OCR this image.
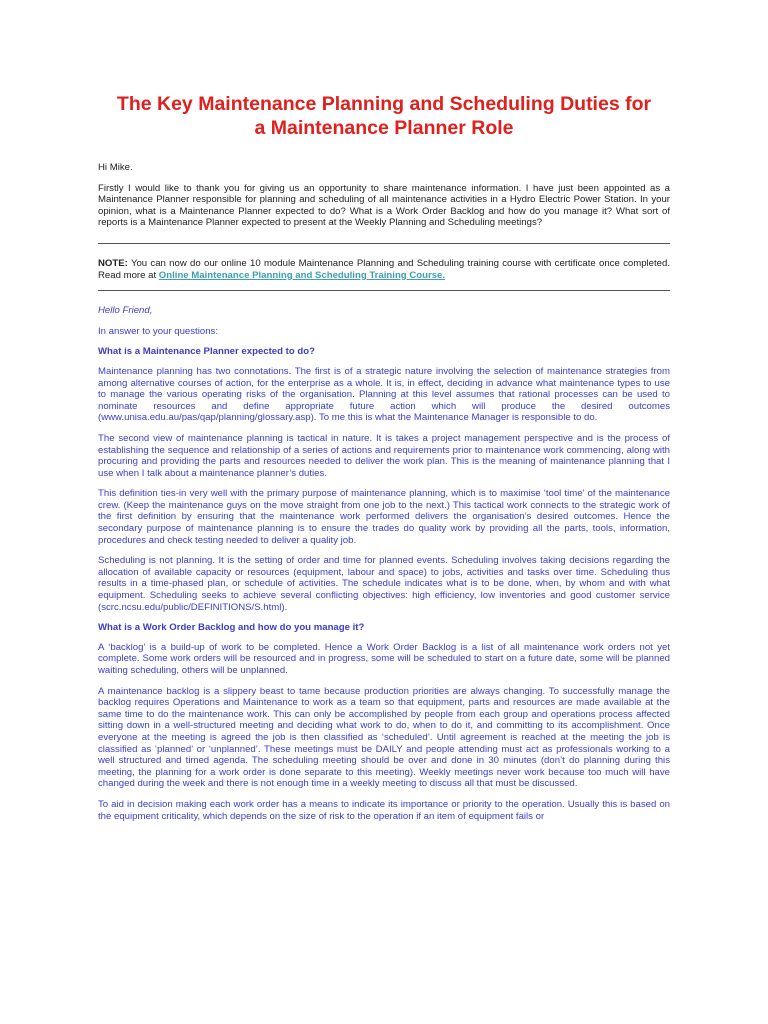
The Key Maintenance Planning and Scheduling Duties for
a Maintenance Planner Role

Hi Mike.

Firstly I would like to thank you for giving us an opportunity to share maintenance information. I have just been appointed as a Maintenance Planner responsible for planning and scheduling of all maintenance activities in a Hydro Electric Power Station. In your opinion, what is a Maintenance Planner expected to do? What is a Work Order Backlog and how do you manage it? What sort of reports is a Maintenance Planner expected to present at the Weekly Planning and Scheduling meetings?

NOTE: You can now do our online 10 module Maintenance Planning and Scheduling training course with certificate once completed. Read more at Online Maintenance Planning and Scheduling Training Course.

Hello Friend,

In answer to your questions:

What is a Maintenance Planner expected to do?

Maintenance planning has two connotations. The first is of a strategic nature involving the selection of maintenance strategies from among alternative courses of action, for the enterprise as a whole. It is, in effect, deciding in advance what maintenance types to use to manage the various operating risks of the organisation. Planning at this level assumes that rational processes can be used to nominate resources and define appropriate future action which will produce the desired outcomes (www.unisa.edu.au/pas/qap/planning/glossary.asp). To me this is what the Maintenance Manager is responsible to do.

The second view of maintenance planning is tactical in nature. It is takes a project management perspective and is the process of establishing the sequence and relationship of a series of actions and requirements prior to maintenance work commencing, along with procuring and providing the parts and resources needed to deliver the work plan. This is the meaning of maintenance planning that I use when I talk about a maintenance planner’s duties.

This definition ties-in very well with the primary purpose of maintenance planning, which is to maximise ‘tool time’ of the maintenance crew. (Keep the maintenance guys on the move straight from one job to the next.) This tactical work connects to the strategic work of the first definition by ensuring that the maintenance work performed delivers the organisation’s desired outcomes. Hence the secondary purpose of maintenance planning is to ensure the trades do quality work by providing all the parts, tools, information, procedures and check testing needed to deliver a quality job.

Scheduling is not planning. It is the setting of order and time for planned events. Scheduling involves taking decisions regarding the allocation of available capacity or resources (equipment, labour and space) to jobs, activities and tasks over time. Scheduling thus results in a time-phased plan, or schedule of activities. The schedule indicates what is to be done, when, by whom and with what equipment. Scheduling seeks to achieve several conflicting objectives: high efficiency, low inventories and good customer service (scrc.ncsu.edu/public/DEFINITIONS/S.html).

What is a Work Order Backlog and how do you manage it?

A ‘backlog’ is a build-up of work to be completed. Hence a Work Order Backlog is a list of all maintenance work orders not yet complete. Some work orders will be resourced and in progress, some will be scheduled to start on a future date, some will be planned waiting scheduling, others will be unplanned.

A maintenance backlog is a slippery beast to tame because production priorities are always changing. To successfully manage the backlog requires Operations and Maintenance to work as a team so that equipment, parts and resources are made available at the same time to do the maintenance work. This can only be accomplished by people from each group and operations process affected sitting down in a well-structured meeting and deciding what work to do, when to do it, and committing to its accomplishment. Once everyone at the meeting is agreed the job is then classified as ‘scheduled’. Until agreement is reached at the meeting the job is classified as ‘planned’ or ‘unplanned’. These meetings must be DAILY and people attending must act as professionals working to a well structured and timed agenda. The scheduling meeting should be over and done in 30 minutes (don’t do planning during this meeting, the planning for a work order is done separate to this meeting). Weekly meetings never work because too much will have changed during the week and there is not enough time in a weekly meeting to discuss all that must be discussed.

To aid in decision making each work order has a means to indicate its importance or priority to the operation. Usually this is based on the equipment criticality, which depends on the size of risk to the operation if an item of equipment fails or
